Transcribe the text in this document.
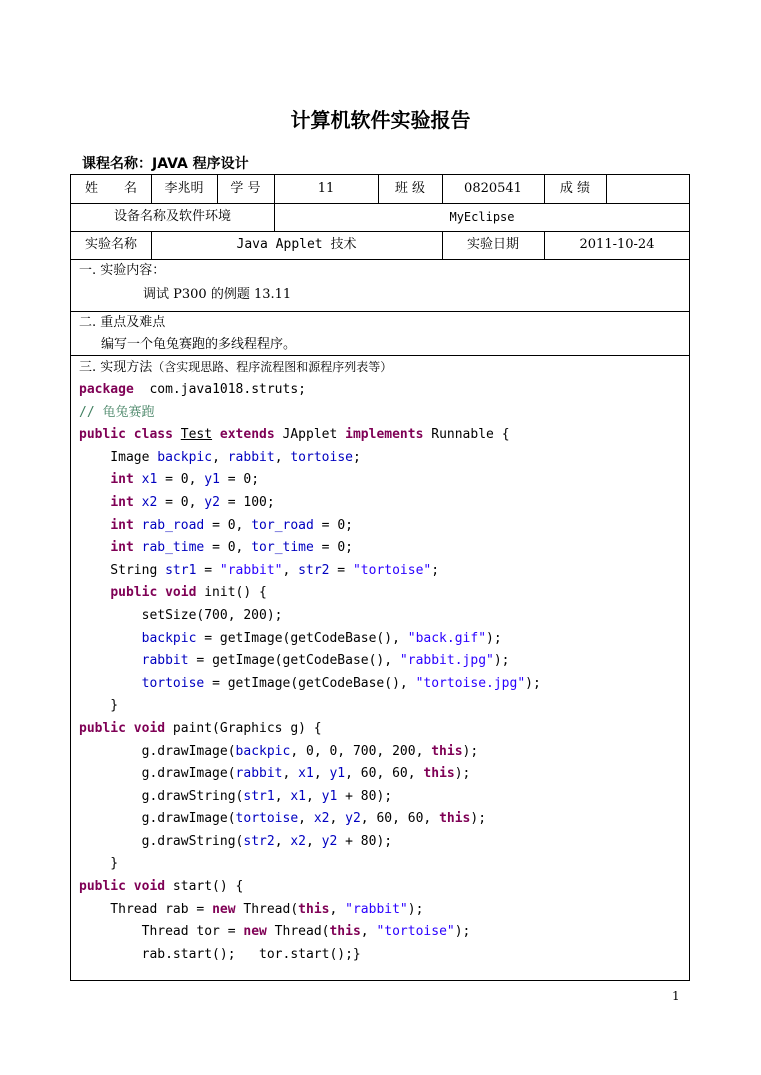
计算机软件实验报告
课程名称：JAVA 程序设计
姓　　名	李兆明	学 号	11	班 级	0820541	成 绩
设备名称及软件环境	MyEclipse
实验名称	Java Applet 技术	实验日期	2011-10-24
一. 实验内容：
调试 P300 的例题 13.11
二. 重点及难点
编写一个龟兔赛跑的多线程程序。
三. 实现方法（含实现思路、程序流程图和源程序列表等）
package  com.java1018.struts;
// 龟兔赛跑
public class Test extends JApplet implements Runnable {
Image backpic, rabbit, tortoise;
int x1 = 0, y1 = 0;
int x2 = 0, y2 = 100;
int rab_road = 0, tor_road = 0;
int rab_time = 0, tor_time = 0;
String str1 = "rabbit", str2 = "tortoise";
public void init() {
setSize(700, 200);
backpic = getImage(getCodeBase(), "back.gif");
rabbit = getImage(getCodeBase(), "rabbit.jpg");
tortoise = getImage(getCodeBase(), "tortoise.jpg");
}
public void paint(Graphics g) {
g.drawImage(backpic, 0, 0, 700, 200, this);
g.drawImage(rabbit, x1, y1, 60, 60, this);
g.drawString(str1, x1, y1 + 80);
g.drawImage(tortoise, x2, y2, 60, 60, this);
g.drawString(str2, x2, y2 + 80);
}
public void start() {
Thread rab = new Thread(this, "rabbit");
Thread tor = new Thread(this, "tortoise");
rab.start();   tor.start();}
1
